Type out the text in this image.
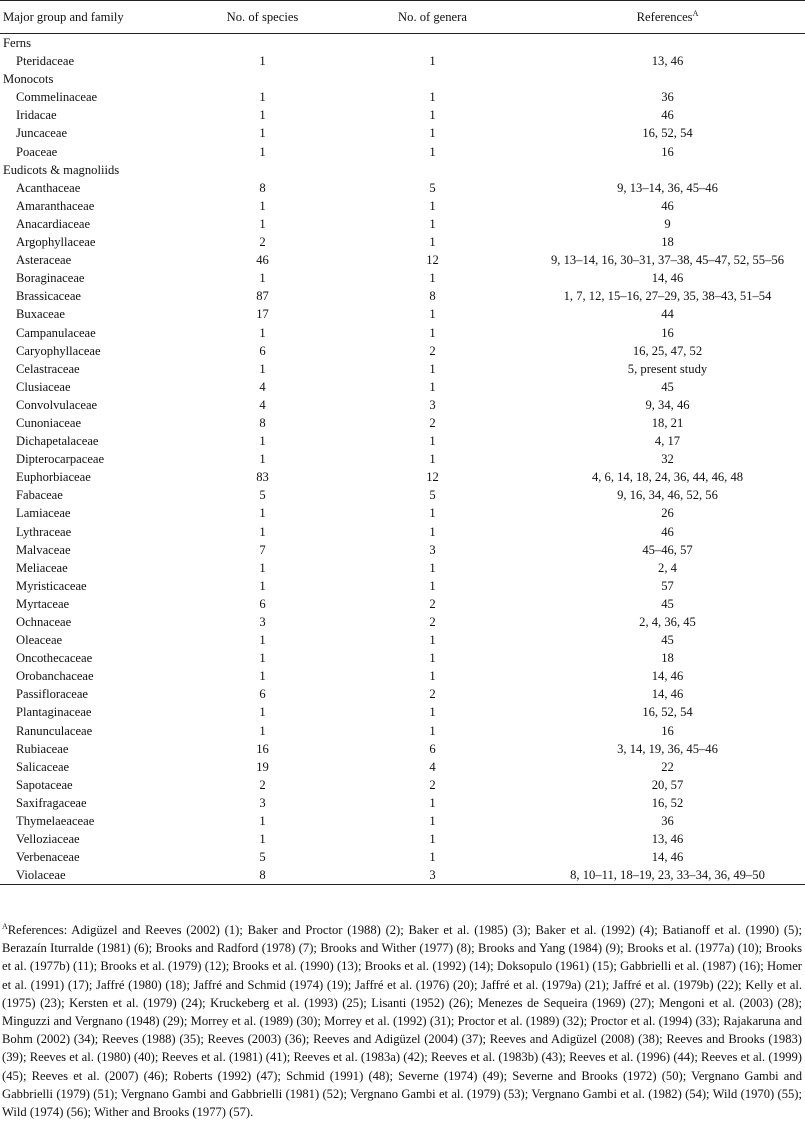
Major group and family	No. of species	No. of genera	References$^A$
Ferns			
Pteridaceae	1	1	13, 46
Monocots			
Commelinaceae	1	1	36
Iridacae	1	1	46
Juncaceae	1	1	16, 52, 54
Poaceae	1	1	16
Eudicots & magnoliids			
Acanthaceae	8	5	9, 13–14, 36, 45–46
Amaranthaceae	1	1	46
Anacardiaceae	1	1	9
Argophyllaceae	2	1	18
Asteraceae	46	12	9, 13–14, 16, 30–31, 37–38, 45–47, 52, 55–56
Boraginaceae	1	1	14, 46
Brassicaceae	87	8	1, 7, 12, 15–16, 27–29, 35, 38–43, 51–54
Buxaceae	17	1	44
Campanulaceae	1	1	16
Caryophyllaceae	6	2	16, 25, 47, 52
Celastraceae	1	1	5, present study
Clusiaceae	4	1	45
Convolvulaceae	4	3	9, 34, 46
Cunoniaceae	8	2	18, 21
Dichapetalaceae	1	1	4, 17
Dipterocarpaceae	1	1	32
Euphorbiaceae	83	12	4, 6, 14, 18, 24, 36, 44, 46, 48
Fabaceae	5	5	9, 16, 34, 46, 52, 56
Lamiaceae	1	1	26
Lythraceae	1	1	46
Malvaceae	7	3	45–46, 57
Meliaceae	1	1	2, 4
Myristicaceae	1	1	57
Myrtaceae	6	2	45
Ochnaceae	3	2	2, 4, 36, 45
Oleaceae	1	1	45
Oncothecaceae	1	1	18
Orobanchaceae	1	1	14, 46
Passifloraceae	6	2	14, 46
Plantaginaceae	1	1	16, 52, 54
Ranunculaceae	1	1	16
Rubiaceae	16	6	3, 14, 19, 36, 45–46
Salicaceae	19	4	22
Sapotaceae	2	2	20, 57
Saxifragaceae	3	1	16, 52
Thymelaeaceae	1	1	36
Velloziaceae	1	1	13, 46
Verbenaceae	5	1	14, 46
Violaceae	8	3	8, 10–11, 18–19, 23, 33–34, 36, 49–50
$^A$References: Adigüzel and Reeves (2002) (1); Baker and Proctor (1988) (2); Baker et al. (1985) (3); Baker et al. (1992) (4); Batianoff et al. (1990) (5); Berazaín Iturralde (1981) (6); Brooks and Radford (1978) (7); Brooks and Wither (1977) (8); Brooks and Yang (1984) (9); Brooks et al. (1977a) (10); Brooks et al. (1977b) (11); Brooks et al. (1979) (12); Brooks et al. (1990) (13); Brooks et al. (1992) (14); Doksopulo (1961) (15); Gabbrielli et al. (1987) (16); Homer et al. (1991) (17); Jaffré (1980) (18); Jaffré and Schmid (1974) (19); Jaffré et al. (1976) (20); Jaffré et al. (1979a) (21); Jaffré et al. (1979b) (22); Kelly et al. (1975) (23); Kersten et al. (1979) (24); Kruckeberg et al. (1993) (25); Lisanti (1952) (26); Menezes de Sequeira (1969) (27); Mengoni et al. (2003) (28); Minguzzi and Vergnano (1948) (29); Morrey et al. (1989) (30); Morrey et al. (1992) (31); Proctor et al. (1989) (32); Proctor et al. (1994) (33); Rajakaruna and Bohm (2002) (34); Reeves (1988) (35); Reeves (2003) (36); Reeves and Adigüzel (2004) (37); Reeves and Adigüzel (2008) (38); Reeves and Brooks (1983) (39); Reeves et al. (1980) (40); Reeves et al. (1981) (41); Reeves et al. (1983a) (42); Reeves et al. (1983b) (43); Reeves et al. (1996) (44); Reeves et al. (1999) (45); Reeves et al. (2007) (46); Roberts (1992) (47); Schmid (1991) (48); Severne (1974) (49); Severne and Brooks (1972) (50); Vergnano Gambi and Gabbrielli (1979) (51); Vergnano Gambi and Gabbrielli (1981) (52); Vergnano Gambi et al. (1979) (53); Vergnano Gambi et al. (1982) (54); Wild (1970) (55); Wild (1974) (56); Wither and Brooks (1977) (57).
